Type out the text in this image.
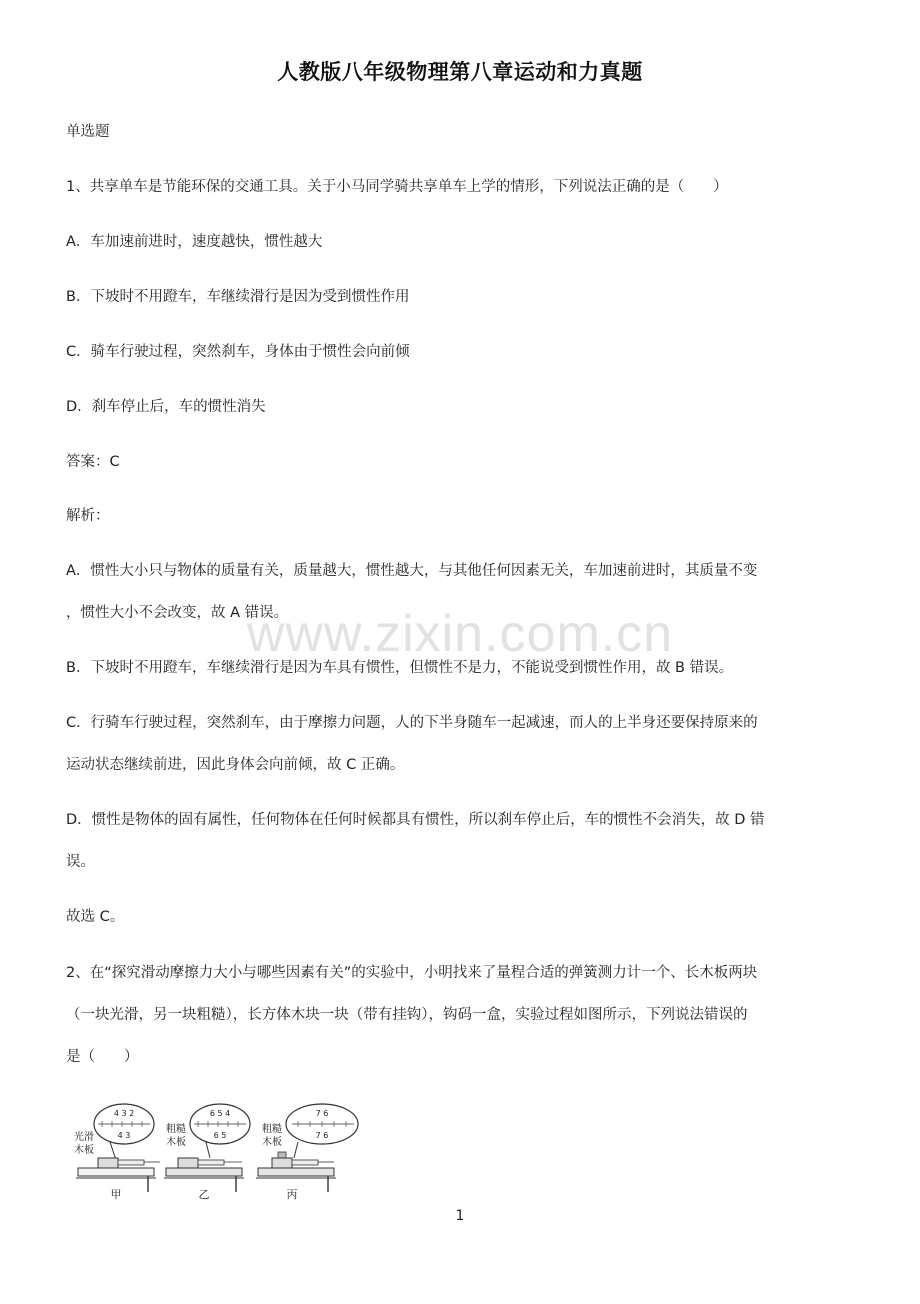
人教版八年级物理第八章运动和力真题
单选题
1、共享单车是节能环保的交通工具。关于小马同学骑共享单车上学的情形，下列说法正确的是（　　）
A．车加速前进时，速度越快，惯性越大
B．下坡时不用蹬车，车继续滑行是因为受到惯性作用
C．骑车行驶过程，突然刹车，身体由于惯性会向前倾
D．刹车停止后，车的惯性消失
答案：C
解析：
A．惯性大小只与物体的质量有关，质量越大，惯性越大，与其他任何因素无关，车加速前进时，其质量不变
，惯性大小不会改变，故 A 错误。
www.zixin.com.cn
B．下坡时不用蹬车，车继续滑行是因为车具有惯性，但惯性不是力，不能说受到惯性作用，故 B 错误。
C．行骑车行驶过程，突然刹车，由于摩擦力问题，人的下半身随车一起减速，而人的上半身还要保持原来的
运动状态继续前进，因此身体会向前倾，故 C 正确。
D．惯性是物体的固有属性，任何物体在任何时候都具有惯性，所以刹车停止后，车的惯性不会消失，故 D 错
误。
故选 C。
2、在“探究滑动摩擦力大小与哪些因素有关”的实验中，小明找来了量程合适的弹簧测力计一个、长木板两块
（一块光滑，另一块粗糙），长方体木块一块（带有挂钩），钩码一盒，实验过程如图所示，下列说法错误的
是（　　）
4 3 2
4 3
光滑
木板
甲
6 5 4
6 5
粗糙
木板
乙
7 6
7 6
粗糙
木板
丙
1
